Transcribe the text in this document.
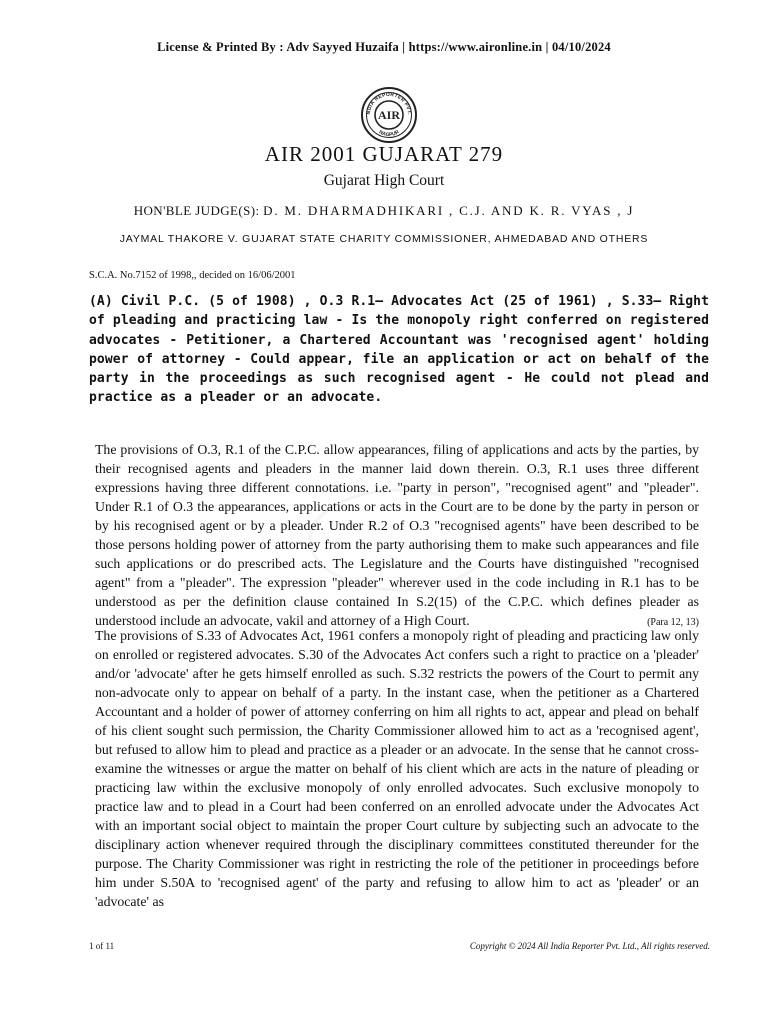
License & Printed By : Adv Sayyed Huzaifa | https://www.aironline.in | 04/10/2024
NDIA REPORTER PVT.
AIR
NAGPUR
AIR 2001 GUJARAT 279
Gujarat High Court
HON'BLE JUDGE(S): D. M. DHARMADHIKARI , C.J. AND K. R. VYAS , J
JAYMAL THAKORE V. GUJARAT STATE CHARITY COMMISSIONER, AHMEDABAD AND OTHERS
S.C.A. No.7152 of 1998,, decided on 16/06/2001
(A) Civil P.C. (5 of 1908) , O.3 R.1— Advocates Act (25 of 1961) , S.33— Right of pleading and practicing law - Is the monopoly right conferred on registered advocates - Petitioner, a Chartered Accountant was 'recognised agent' holding power of attorney - Could appear, file an application or act on behalf of the party in the proceedings as such recognised agent - He could not plead and practice as a pleader or an advocate.
The provisions of O.3, R.1 of the C.P.C. allow appearances, filing of applications and acts by the parties, by their recognised agents and pleaders in the manner laid down therein. O.3, R.1 uses three different expressions having three different connotations. i.e. "party in person", "recognised agent" and "pleader". Under R.1 of O.3 the appearances, applications or acts in the Court are to be done by the party in person or by his recognised agent or by a pleader. Under R.2 of O.3 "recognised agents" have been described to be those persons holding power of attorney from the party authorising them to make such appearances and file such applications or do prescribed acts. The Legislature and the Courts have distinguished "recognised agent" from a "pleader". The expression "pleader" wherever used in the code including in R.1 has to be understood as per the definition clause contained In S.2(15) of the C.P.C. which defines pleader as understood include an advocate, vakil and attorney of a High Court.	(Para 12, 13)
The provisions of S.33 of Advocates Act, 1961 confers a monopoly right of pleading and practicing law only on enrolled or registered advocates. S.30 of the Advocates Act confers such a right to practice on a 'pleader' and/or 'advocate' after he gets himself enrolled as such. S.32 restricts the powers of the Court to permit any non-advocate only to appear on behalf of a party. In the instant case, when the petitioner as a Chartered Accountant and a holder of power of attorney conferring on him all rights to act, appear and plead on behalf of his client sought such permission, the Charity Commissioner allowed him to act as a 'recognised agent', but refused to allow him to plead and practice as a pleader or an advocate. In the sense that he cannot cross-examine the witnesses or argue the matter on behalf of his client which are acts in the nature of pleading or practicing law within the exclusive monopoly of only enrolled advocates. Such exclusive monopoly to practice law and to plead in a Court had been conferred on an enrolled advocate under the Advocates Act with an important social object to maintain the proper Court culture by subjecting such an advocate to the disciplinary action whenever required through the disciplinary committees constituted thereunder for the purpose. The Charity Commissioner was right in restricting the role of the petitioner in proceedings before him under S.50A to 'recognised agent' of the party and refusing to allow him to act as 'pleader' or an 'advocate' as
1 of 11	Copyright © 2024 All India Reporter Pvt. Ltd., All rights reserved.
